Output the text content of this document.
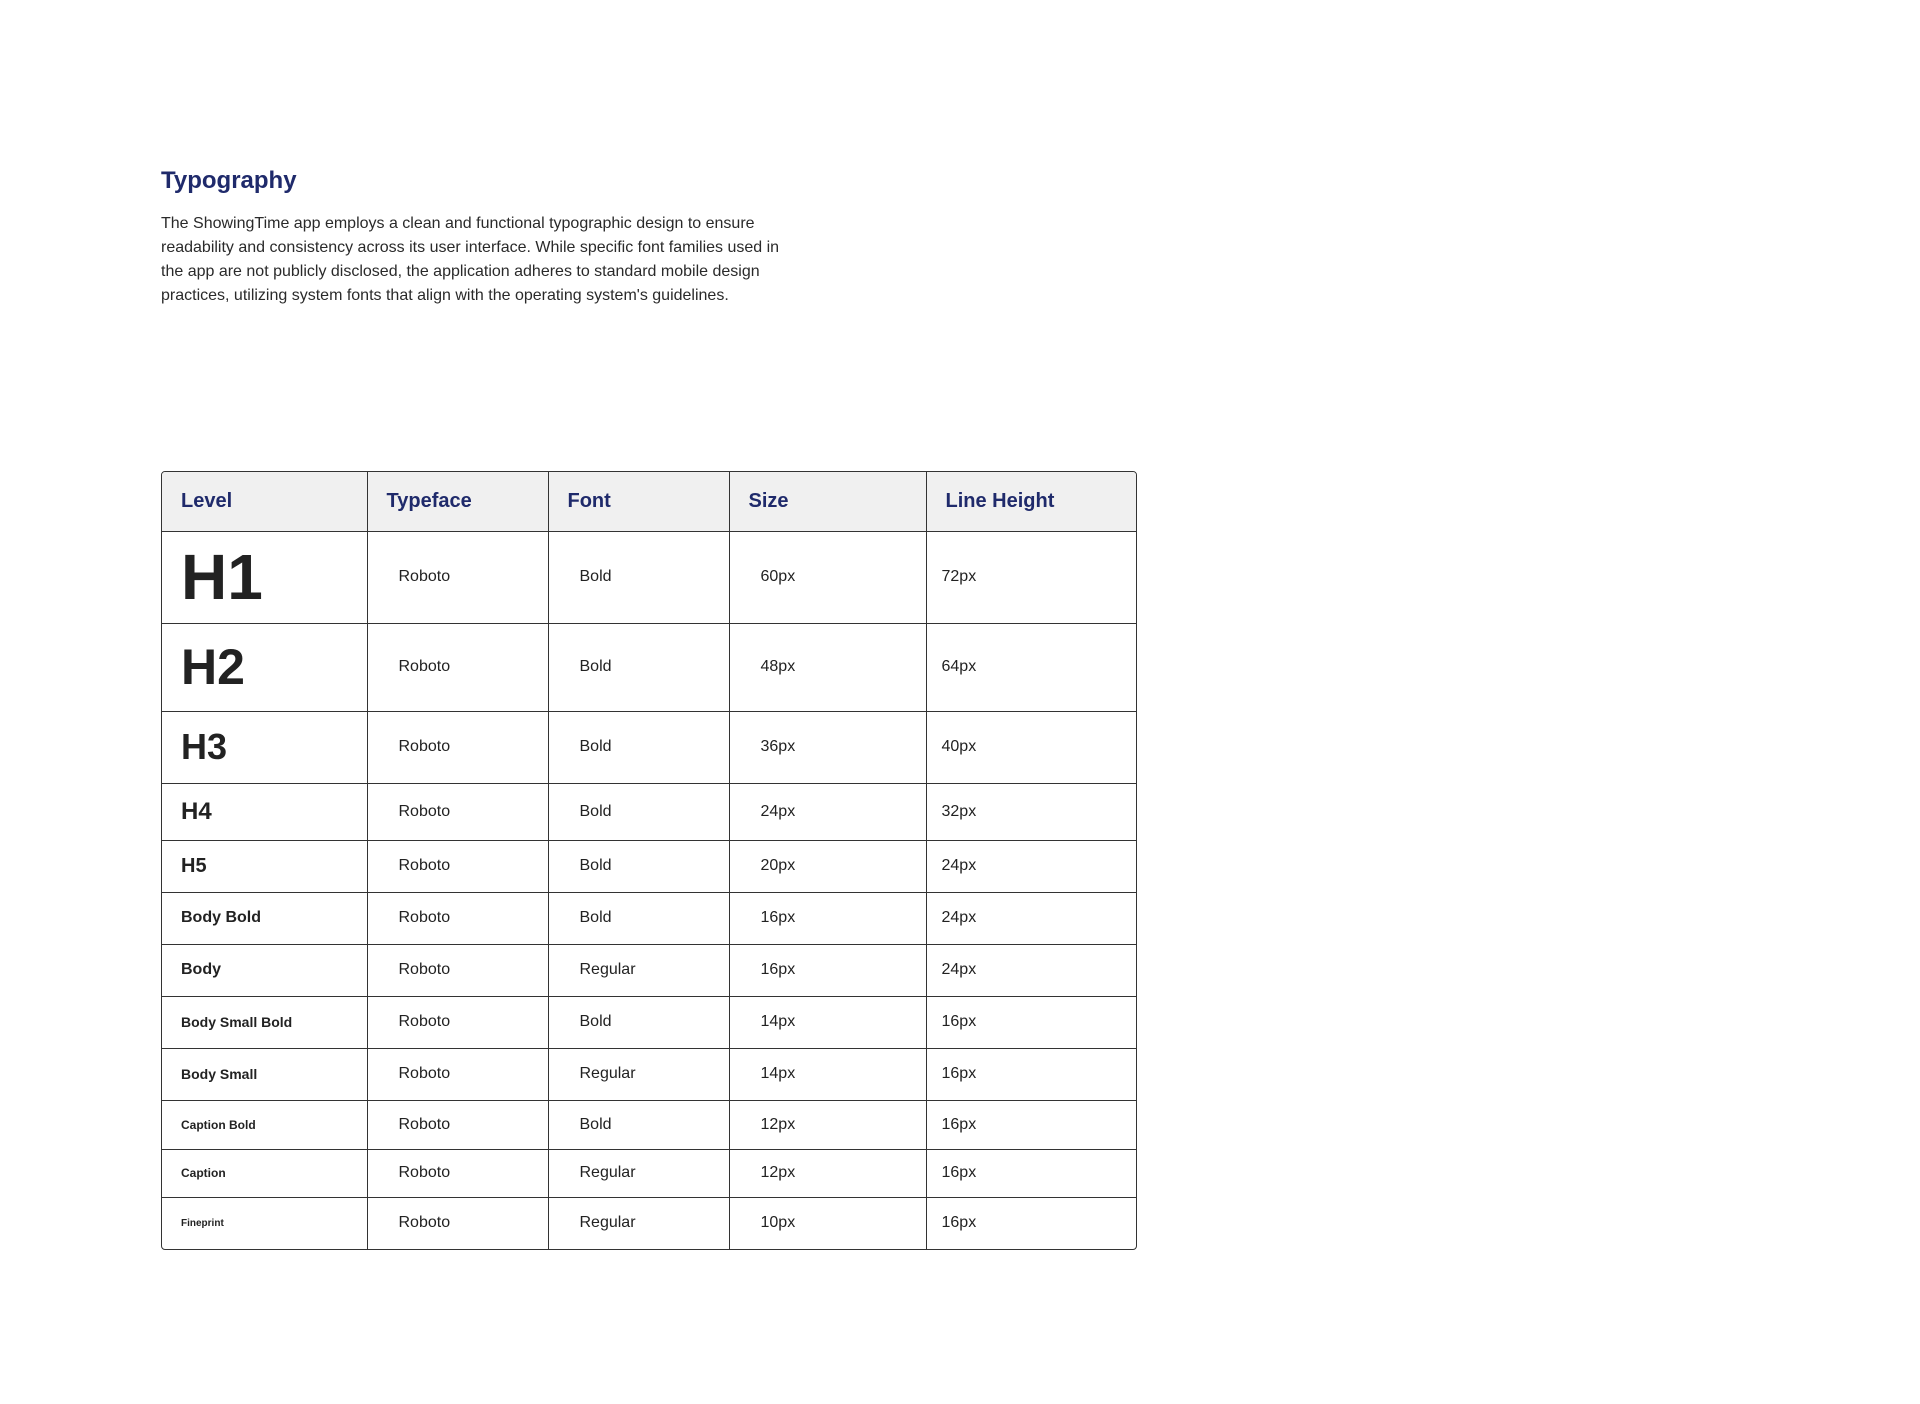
Typography

The ShowingTime app employs a clean and functional typographic design to ensure readability and consistency across its user interface. While specific font families used in the app are not publicly disclosed, the application adheres to standard mobile design practices, utilizing system fonts that align with the operating system's guidelines.

Level	Typeface	Font	Size	Line Height
H1	Roboto	Bold	60px	72px
H2	Roboto	Bold	48px	64px
H3	Roboto	Bold	36px	40px
H4	Roboto	Bold	24px	32px
H5	Roboto	Bold	20px	24px
Body Bold	Roboto	Bold	16px	24px
Body	Roboto	Regular	16px	24px
Body Small Bold	Roboto	Bold	14px	16px
Body Small	Roboto	Regular	14px	16px
Caption Bold	Roboto	Bold	12px	16px
Caption	Roboto	Regular	12px	16px
Fineprint	Roboto	Regular	10px	16px
